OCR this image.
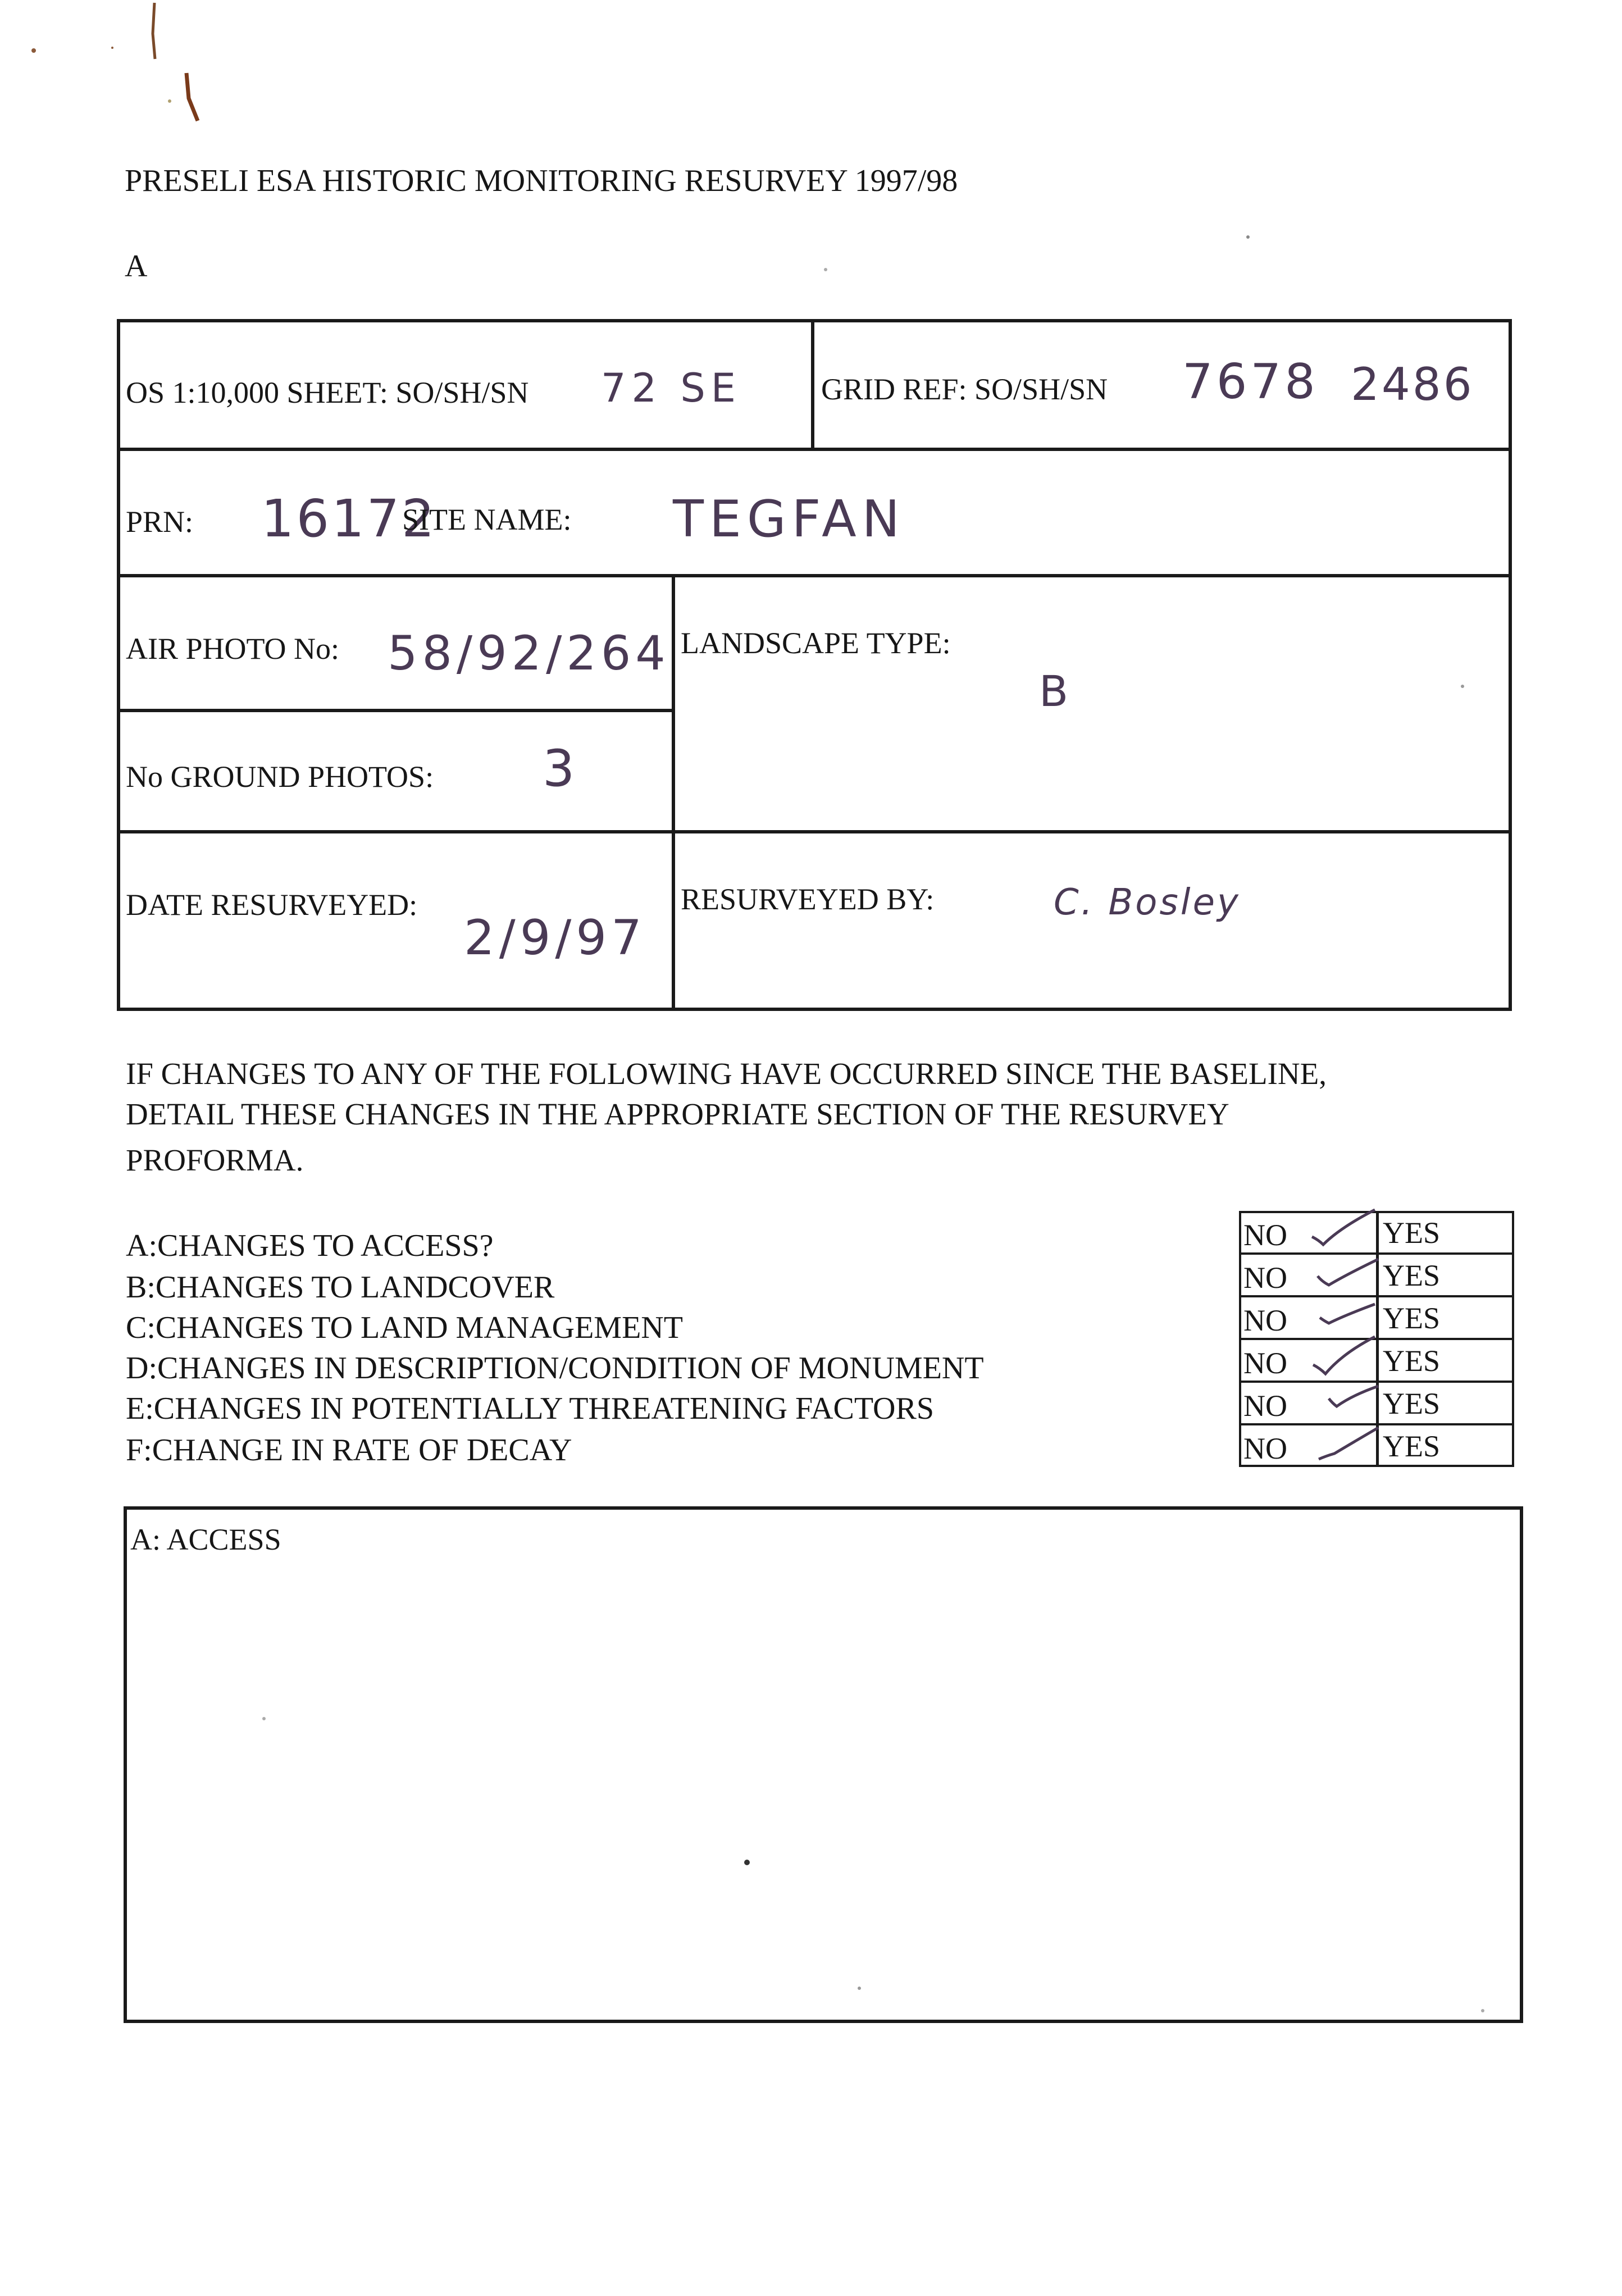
PRESELI ESA HISTORIC MONITORING RESURVEY 1997/98
A
OS 1:10,000 SHEET: SO/SH/SN 72 SE	GRID REF: SO/SH/SN 7678 2486
PRN: 16172
SITE NAME: TEGFAN
AIR PHOTO No: 58/92/264 LANDSCAPE TYPE:
B
No GROUND PHOTOS: 3
DATE RESURVEYED:
2/9/97
RESURVEYED BY:	C. Bosley
IF CHANGES TO ANY OF THE FOLLOWING HAVE OCCURRED SINCE THE BASELINE,
DETAIL THESE CHANGES IN THE APPROPRIATE SECTION OF THE RESURVEY
PROFORMA.
A:CHANGES TO ACCESS?
B:CHANGES TO LANDCOVER
C:CHANGES TO LAND MANAGEMENT
D:CHANGES IN DESCRIPTION/CONDITION OF MONUMENT
E:CHANGES IN POTENTIALLY THREATENING FACTORS
F:CHANGE IN RATE OF DECAY
NO	YES
NO	YES
NO	YES
NO	YES
NO	YES
NO	YES
A: ACCESS
